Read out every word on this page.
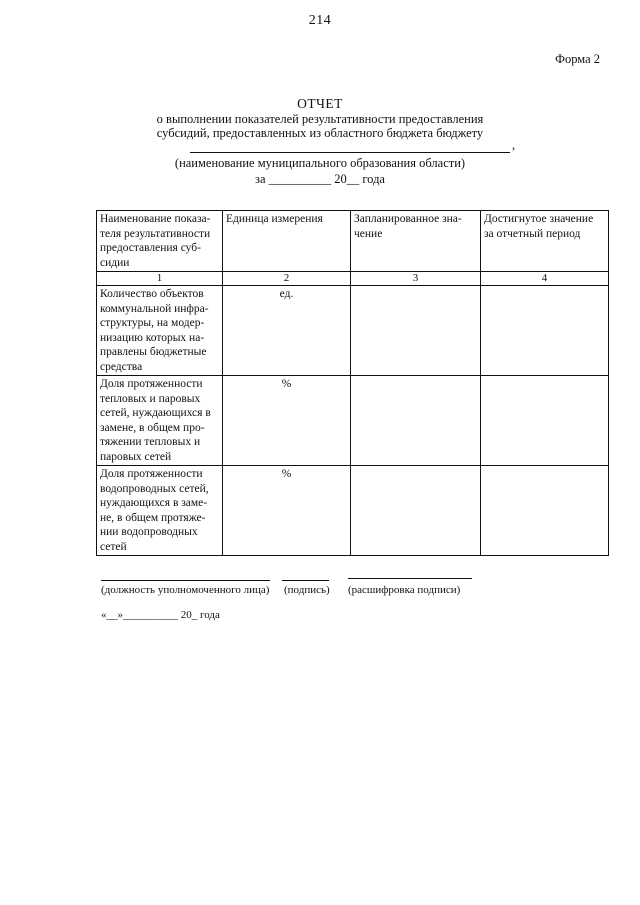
214
Форма 2
ОТЧЕТ
о выполнении показателей результативности предоставления
субсидий, предоставленных из областного бюджета бюджету
,
(наименование муниципального образования области)
за __________ 20__ года
Наименование показа-теля результативности предоставления суб-сидии	Единица измерения	Запланированное зна-чение	Достигнутое значение за отчетный период
1	2	3	4
Количество объектов коммунальной инфра-структуры, на модер-низацию которых на-правлены бюджетные средства	ед.		
Доля протяженности тепловых и паровых сетей, нуждающихся в замене, в общем про-тяжении тепловых и паровых сетей	%		
Доля протяженности водопроводных сетей, нуждающихся в заме-не, в общем протяже-нии водопроводных сетей	%		
(должность уполномоченного лица) (подпись) (расшифровка подписи)
«__»__________ 20_ года
